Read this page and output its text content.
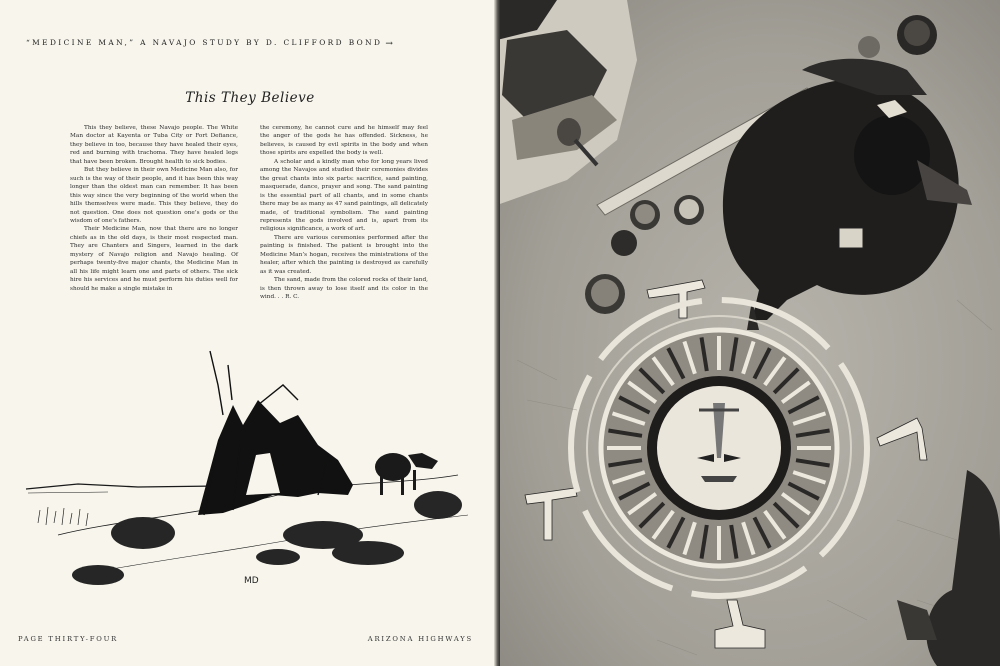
“MEDICINE MAN,” A NAVAJO STUDY BY D. CLIFFORD BOND →
This They Believe

This they believe, these Navajo people. The White Man doctor at Kayenta or Tuba City or Fort Defiance, they believe in too, because they have healed their eyes, red and burning with trachoma. They have healed legs that have been broken. Brought health to sick bodies.

But they believe in their own Medicine Man also, for such is the way of their people, and it has been this way longer than the oldest man can remember. It has been this way since the very beginning of the world when the hills themselves were made. This they believe, they do not question. One does not question one’s gods or the wisdom of one’s fathers.

Their Medicine Man, now that there are no longer chiefs as in the old days, is their most respected man. They are Chanters and Singers, learned in the dark mystery of Navajo religion and Navajo healing. Of perhaps twenty-five major chants, the Medicine Man in all his life might learn one and parts of others. The sick hire his services and he must perform his duties well for should he make a single mistake in

the ceremony, he cannot cure and he himself may feel the anger of the gods he has offended. Sickness, he believes, is caused by evil spirits in the body and when those spirits are expelled the body is well.

A scholar and a kindly man who for long years lived among the Navajos and studied their ceremonies divides the great chants into six parts: sacrifice, sand painting, masquerade, dance, prayer and song. The sand painting is the essential part of all chants, and in some chants there may be as many as 47 sand paintings, all delicately made, of traditional symbolism. The sand painting represents the gods involved and is, apart from its religious significance, a work of art.

There are various ceremonies performed after the painting is finished. The patient is brought into the Medicine Man’s hogan, receives the ministrations of the healer, after which the painting is destroyed as carefully as it was created.

The sand, made from the colored rocks of their land, is then thrown away to lose itself and its color in the wind. . . R. C.

MD
PAGE THIRTY-FOUR	ARIZONA HIGHWAYS
